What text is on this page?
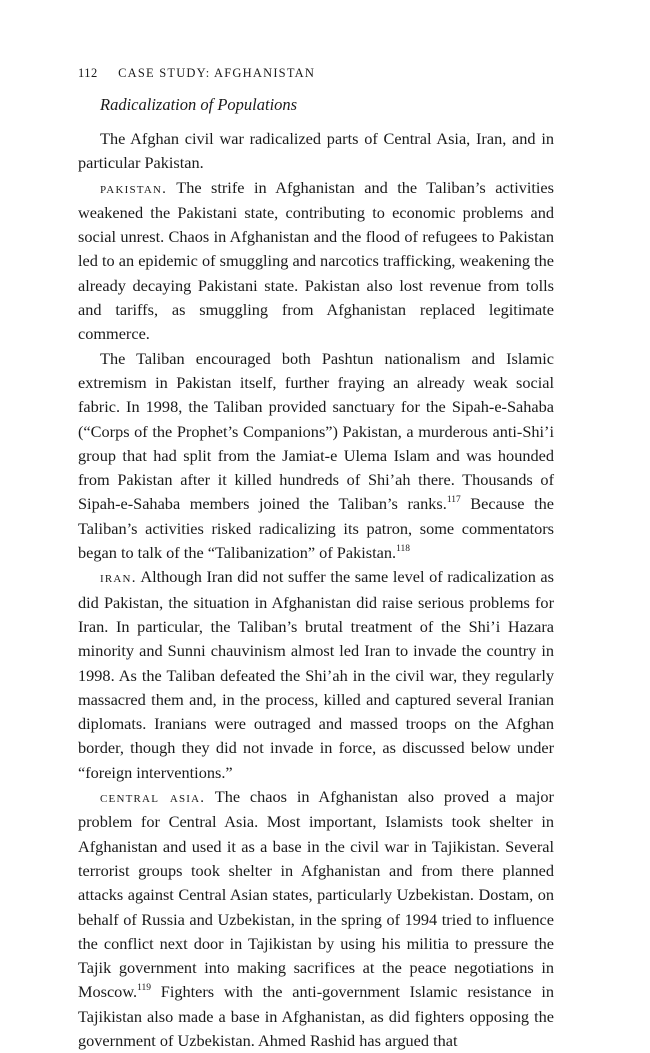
112 CASE STUDY: AFGHANISTAN
Radicalization of Populations

The Afghan civil war radicalized parts of Central Asia, Iran, and in particular Pakistan.

pakistan. The strife in Afghanistan and the Taliban’s activities weakened the Pakistani state, contributing to economic problems and social unrest. Chaos in Afghanistan and the flood of refugees to Pakistan led to an epidemic of smuggling and narcotics trafficking, weakening the already decaying Pakistani state. Pakistan also lost revenue from tolls and tariffs, as smuggling from Afghanistan replaced legitimate commerce.

The Taliban encouraged both Pashtun nationalism and Islamic extremism in Pakistan itself, further fraying an already weak social fabric. In 1998, the Taliban provided sanctuary for the Sipah-e-Sahaba (“Corps of the Prophet’s Companions”) Pakistan, a murderous anti-Shi’i group that had split from the Jamiat-e Ulema Islam and was hounded from Pakistan after it killed hundreds of Shi’ah there. Thousands of Sipah-e-Sahaba members joined the Taliban’s ranks.$^{117}$ Because the Taliban’s activities risked radicalizing its patron, some commentators began to talk of the “Talibanization” of Pakistan.$^{118}$

iran. Although Iran did not suffer the same level of radicalization as did Pakistan, the situation in Afghanistan did raise serious problems for Iran. In particular, the Taliban’s brutal treatment of the Shi’i Hazara minority and Sunni chauvinism almost led Iran to invade the country in 1998. As the Taliban defeated the Shi’ah in the civil war, they regularly massacred them and, in the process, killed and captured several Iranian diplomats. Iranians were outraged and massed troops on the Afghan border, though they did not invade in force, as discussed below under “foreign interventions.”

central asia. The chaos in Afghanistan also proved a major problem for Central Asia. Most important, Islamists took shelter in Afghanistan and used it as a base in the civil war in Tajikistan. Several terrorist groups took shelter in Afghanistan and from there planned attacks against Central Asian states, particularly Uzbekistan. Dostam, on behalf of Russia and Uzbekistan, in the spring of 1994 tried to influence the conflict next door in Tajikistan by using his militia to pressure the Tajik government into making sacrifices at the peace negotiations in Moscow.$^{119}$ Fighters with the anti-government Islamic resistance in Tajikistan also made a base in Afghanistan, as did fighters opposing the government of Uzbekistan. Ahmed Rashid has argued that
